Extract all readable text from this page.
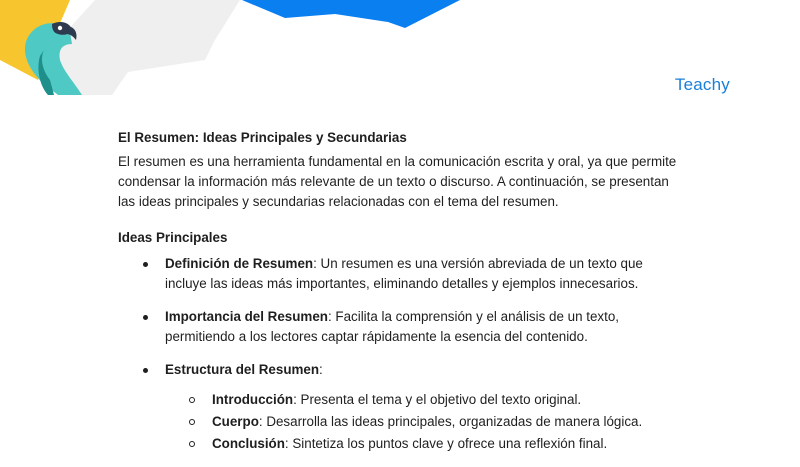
Teachy
El Resumen: Ideas Principales y Secundarias

El resumen es una herramienta fundamental en la comunicación escrita y oral, ya que permite condensar la información más relevante de un texto o discurso. A continuación, se presentan las ideas principales y secundarias relacionadas con el tema del resumen.

Ideas Principales
Definición de Resumen: Un resumen es una versión abreviada de un texto que incluye las ideas más importantes, eliminando detalles y ejemplos innecesarios.
Importancia del Resumen: Facilita la comprensión y el análisis de un texto, permitiendo a los lectores captar rápidamente la esencia del contenido.
Estructura del Resumen:
Introducción: Presenta el tema y el objetivo del texto original.
Cuerpo: Desarrolla las ideas principales, organizadas de manera lógica.
Conclusión: Sintetiza los puntos clave y ofrece una reflexión final.
